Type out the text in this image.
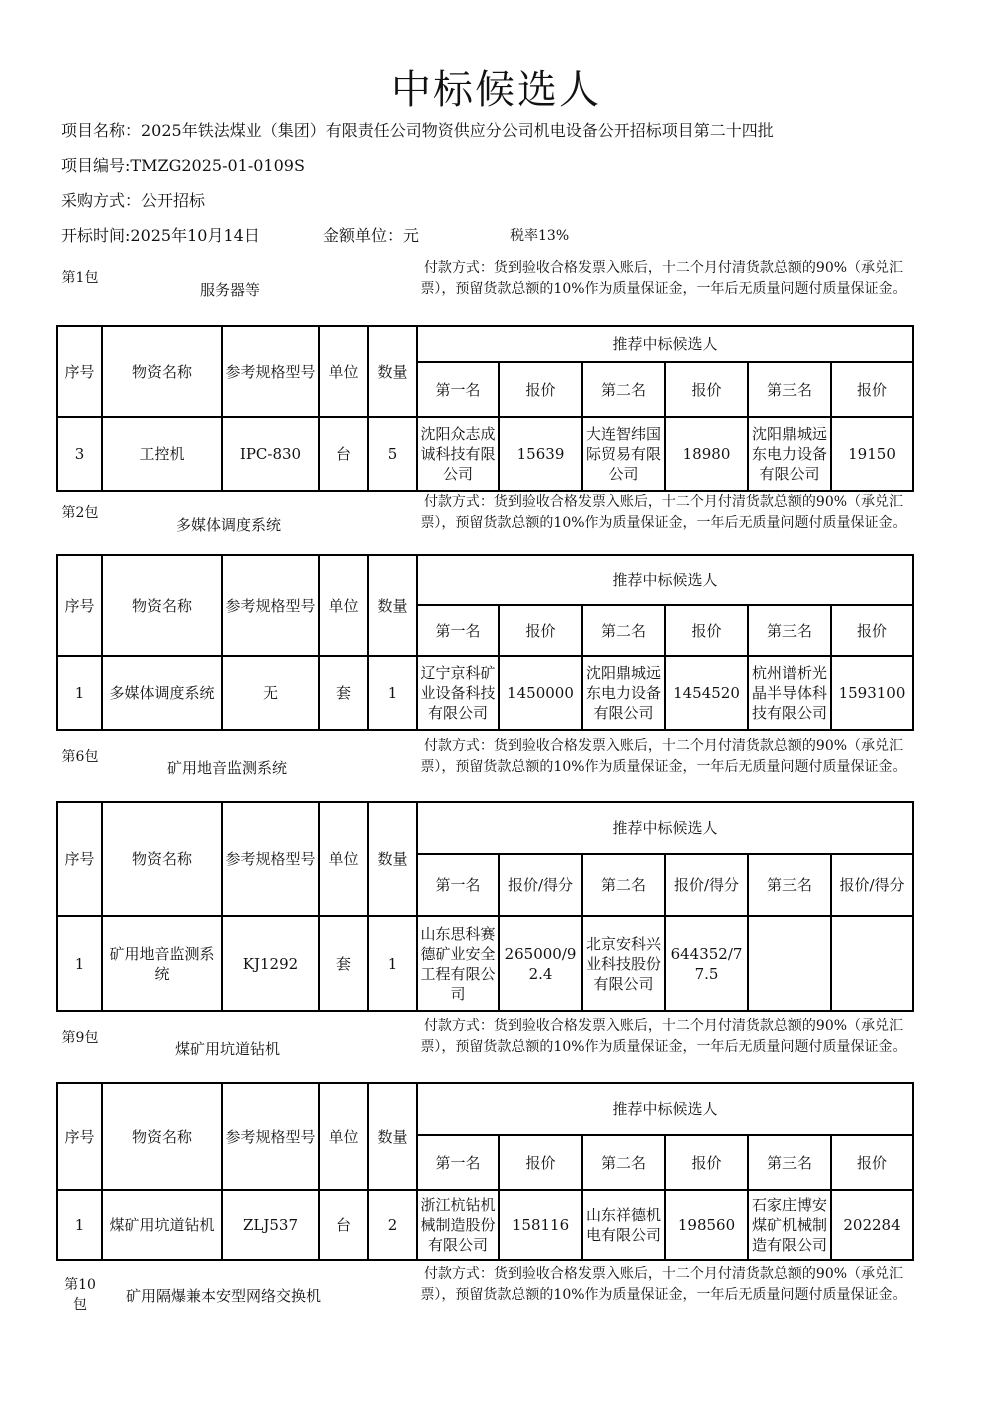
中标候选人
项目名称：2025年铁法煤业（集团）有限责任公司物资供应分公司机电设备公开招标项目第二十四批
项目编号:TMZG2025-01-0109S
采购方式：公开招标
开标时间:2025年10月14日	金额单位：元	税率13%
第1包
服务器等
付款方式：货到验收合格发票入账后，十二个月付清货款总额的90%（承兑汇票），预留货款总额的10%作为质量保证金，一年后无质量问题付质量保证金。
序号	物资名称	参考规格型号	单位	数量	推荐中标候选人					
					第一名	报价	第二名	报价	第三名	报价
3	工控机	IPC-830	台	5	沈阳众志成诚科技有限公司	15639	大连智纬国际贸易有限公司	18980	沈阳鼎城远东电力设备有限公司	19150
第2包
多媒体调度系统
付款方式：货到验收合格发票入账后，十二个月付清货款总额的90%（承兑汇票），预留货款总额的10%作为质量保证金，一年后无质量问题付质量保证金。
序号	物资名称	参考规格型号	单位	数量	推荐中标候选人					
					第一名	报价	第二名	报价	第三名	报价
1	多媒体调度系统	无	套	1	辽宁京科矿业设备科技有限公司	1450000	沈阳鼎城远东电力设备有限公司	1454520	杭州谱析光晶半导体科技有限公司	1593100
第6包
矿用地音监测系统
付款方式：货到验收合格发票入账后，十二个月付清货款总额的90%（承兑汇票），预留货款总额的10%作为质量保证金，一年后无质量问题付质量保证金。
序号	物资名称	参考规格型号	单位	数量	推荐中标候选人					
					第一名	报价/得分	第二名	报价/得分	第三名	报价/得分
1	矿用地音监测系统	KJ1292	套	1	山东思科赛德矿业安全工程有限公司	265000/92.4	北京安科兴业科技股份有限公司	644352/77.5		
第9包
煤矿用坑道钻机
付款方式：货到验收合格发票入账后，十二个月付清货款总额的90%（承兑汇票），预留货款总额的10%作为质量保证金，一年后无质量问题付质量保证金。
序号	物资名称	参考规格型号	单位	数量	推荐中标候选人					
					第一名	报价	第二名	报价	第三名	报价
1	煤矿用坑道钻机	ZLJ537	台	2	浙江杭钻机械制造股份有限公司	158116	山东祥德机电有限公司	198560	石家庄博安煤矿机械制造有限公司	202284
第10包	矿用隔爆兼本安型网络交换机
付款方式：货到验收合格发票入账后，十二个月付清货款总额的90%（承兑汇票），预留货款总额的10%作为质量保证金，一年后无质量问题付质量保证金。
